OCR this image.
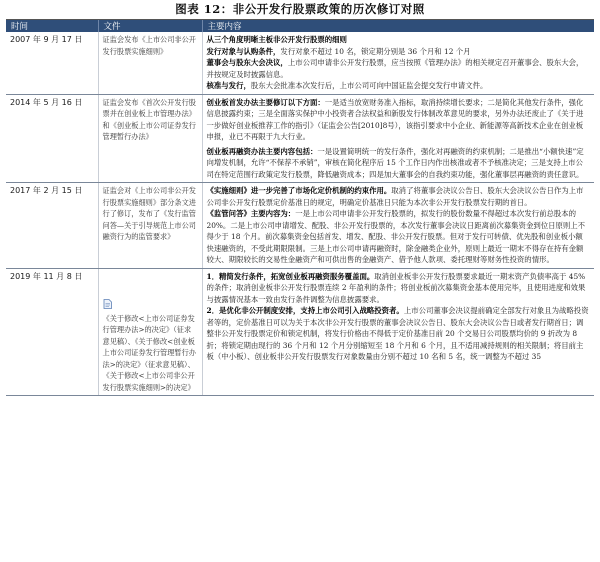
图表 12：非公开发行股票政策的历次修订对照
时间	文件	主要内容
2007 年 9 月 17 日	证监会发布《上市公司非公开发行股票实施细则》	从三个角度明晰主板非公开发行股票的细则

发行对象与认购条件，发行对象不超过 10 名，锁定期分别是 36 个月和 12 个月

董事会与股东大会决议，上市公司申请非公开发行股票，应当按照《管理办法》的相关规定召开董事会、股东大会，并按规定及时披露信息。

核准与发行，股东大会批准本次发行后，上市公司可向中国证监会提交发行申请文件。

2014 年 5 月 16 日	证监会发布《首次公开发行股票并在创业板上市管理办法》和《创业板上市公司证券发行管理暂行办法》	创业板首发办法主要修订以下方面：一是适当放宽财务准入指标，取消持续增长要求；二是简化其他发行条件，强化信息披露约束；三是全面落实保护中小投资者合法权益和新股发行体制改革意见的要求，另外办法还废止了《关于进一步做好创业板推荐工作的指引》（证监会公告[2010]8号），该指引要求中小企业、新能源等高新技术企业在创业板申报，业已不再限于九大行业。

创业板再融资办法主要内容包括：一是设置简明统一的发行条件，强化对再融资的约束机制；二是推出“小额快速”定向增发机制，允许“不保荐不承销”，审核在简化程序后 15 个工作日内作出核准或者不予核准决定；三是支持上市公司在特定范围行政策定发行股票，降低融资成本；四是加大董事会的自我约束功能，强化董事层再融资的责任意识。

2017 年 2 月 15 日	证监会对《上市公司非公开发行股票实施细则》部分条文进行了修订，发布了《发行监管问答—关于引导规范上市公司融资行为的监管要求》	《实施细则》进一步完善了市场化定价机制的约束作用。取消了将董事会决议公告日、股东大会决议公告日作为上市公司非公开发行股票定价基准日的规定，明确定价基准日只能为本次非公开发行股票发行期的首日。

《监管问答》主要内容为：一是上市公司申请非公开发行股票的，拟发行的股份数量不得超过本次发行前总股本的 20%。二是上市公司申请增发、配股、非公开发行股票的，本次发行董事会决议日距离前次募集资金到位日原则上不得少于 18 个月。前次募集资金包括首发、增发、配股、非公开发行股票。但对于发行可转债、优先股和创业板小额快速融资的，不受此期限限制。三是上市公司申请再融资时，除金融类企业外，原则上最近一期末不得存在持有金额较大、期限较长的交易性金融资产和可供出售的金融资产、借予他人款项、委托理财等财务性投资的情形。

2019 年 11 月 8 日	《关于修改<上市公司证券发行管理办法>的决定》（征求意见稿）、《关于修改<创业板上市公司证券发行管理暂行办法>的决定》（征求意见稿）、《关于修改<上市公司非公开发行股票实施细则>的决定》	1．精简发行条件，拓宽创业板再融资服务覆盖面。取消创业板非公开发行股票要求最近一期末资产负债率高于 45%的条件；取消创业板非公开发行股票连续 2 年盈利的条件；将创业板前次募集资金基本使用完毕，且使用进度和效果与披露情况基本一致由发行条件调整为信息披露要求。

2．是优化非公开制度安排，支持上市公司引入战略投资者。上市公司董事会决议提前确定全部发行对象且为战略投资者等的，定价基准日可以为关于本次非公开发行股票的董事会决议公告日、股东大会决议公告日或者发行期首日；调整非公开发行股票定价和锁定机制，将发行价格由不得低于定价基准日前 20 个交易日公司股票均价的 9 折改为 8 折；将锁定期由现行的 36 个月和 12 个月分别缩短至 18 个月和 6 个月，且不适用减持规则的相关限制；将目前主板（中小板）、创业板非公开发行股票发行对象数量由分别不超过 10 名和 5 名，统一调整为不超过 35
